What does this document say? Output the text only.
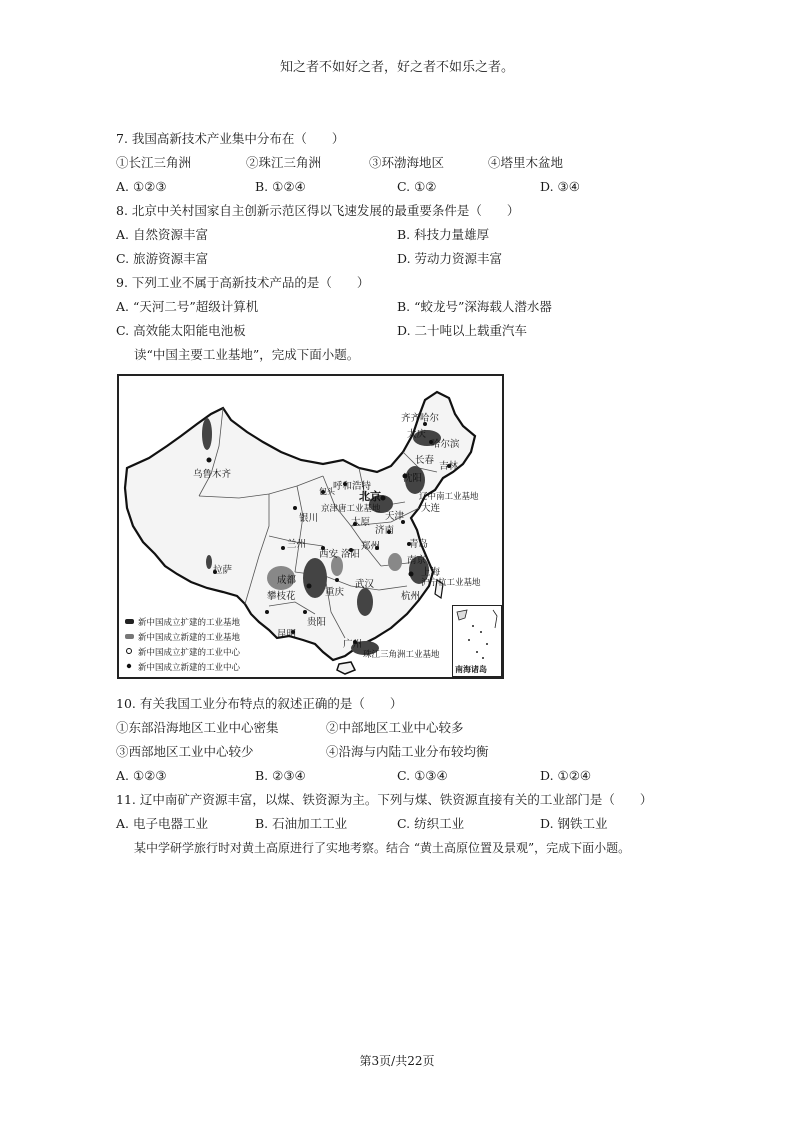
知之者不如好之者，好之者不如乐之者。
7. 我国高新技术产业集中分布在（　　）
①长江三角洲	②珠江三角洲	③环渤海地区	④塔里木盆地
A. ①②③	B. ①②④	C. ①②	D. ③④
8. 北京中关村国家自主创新示范区得以飞速发展的最重要条件是（　　）
A. 自然资源丰富	B. 科技力量雄厚
C. 旅游资源丰富	D. 劳动力资源丰富
9. 下列工业不属于高新技术产品的是（　　）
A. “天河二号”超级计算机	B. “蛟龙号”深海载人潜水器
C. 高效能太阳能电池板	D. 二十吨以上载重汽车
读“中国主要工业基地”，完成下面小题。
齐齐哈尔
大庆
哈尔滨
乌鲁木齐
长春
吉林
沈阳
呼和浩特
北京	辽中南工业基地
包头
京津唐工业基地
银川	天津
大连
太原
济南
兰州	青岛
西安 洛阳
郑州
南京
拉萨
成都
上海
重庆
武汉	沪宁杭工业基地
攀枝花	杭州
贵阳
昆明
广州
珠江三角洲工业基地
新中国成立扩建的工业基地
新中国成立新建的工业基地
新中国成立扩建的工业中心
新中国成立新建的工业中心	南海诸岛
10. 有关我国工业分布特点的叙述正确的是（　　）
①东部沿海地区工业中心密集	②中部地区工业中心较多
③西部地区工业中心较少	④沿海与内陆工业分布较均衡
A. ①②③	B. ②③④	C. ①③④	D. ①②④
11. 辽中南矿产资源丰富，以煤、铁资源为主。下列与煤、铁资源直接有关的工业部门是（　　）
A. 电子电器工业	B. 石油加工工业	C. 纺织工业	D. 钢铁工业
某中学研学旅行时对黄土高原进行了实地考察。结合 “黄土高原位置及景观”，完成下面小题。
第3页/共22页
